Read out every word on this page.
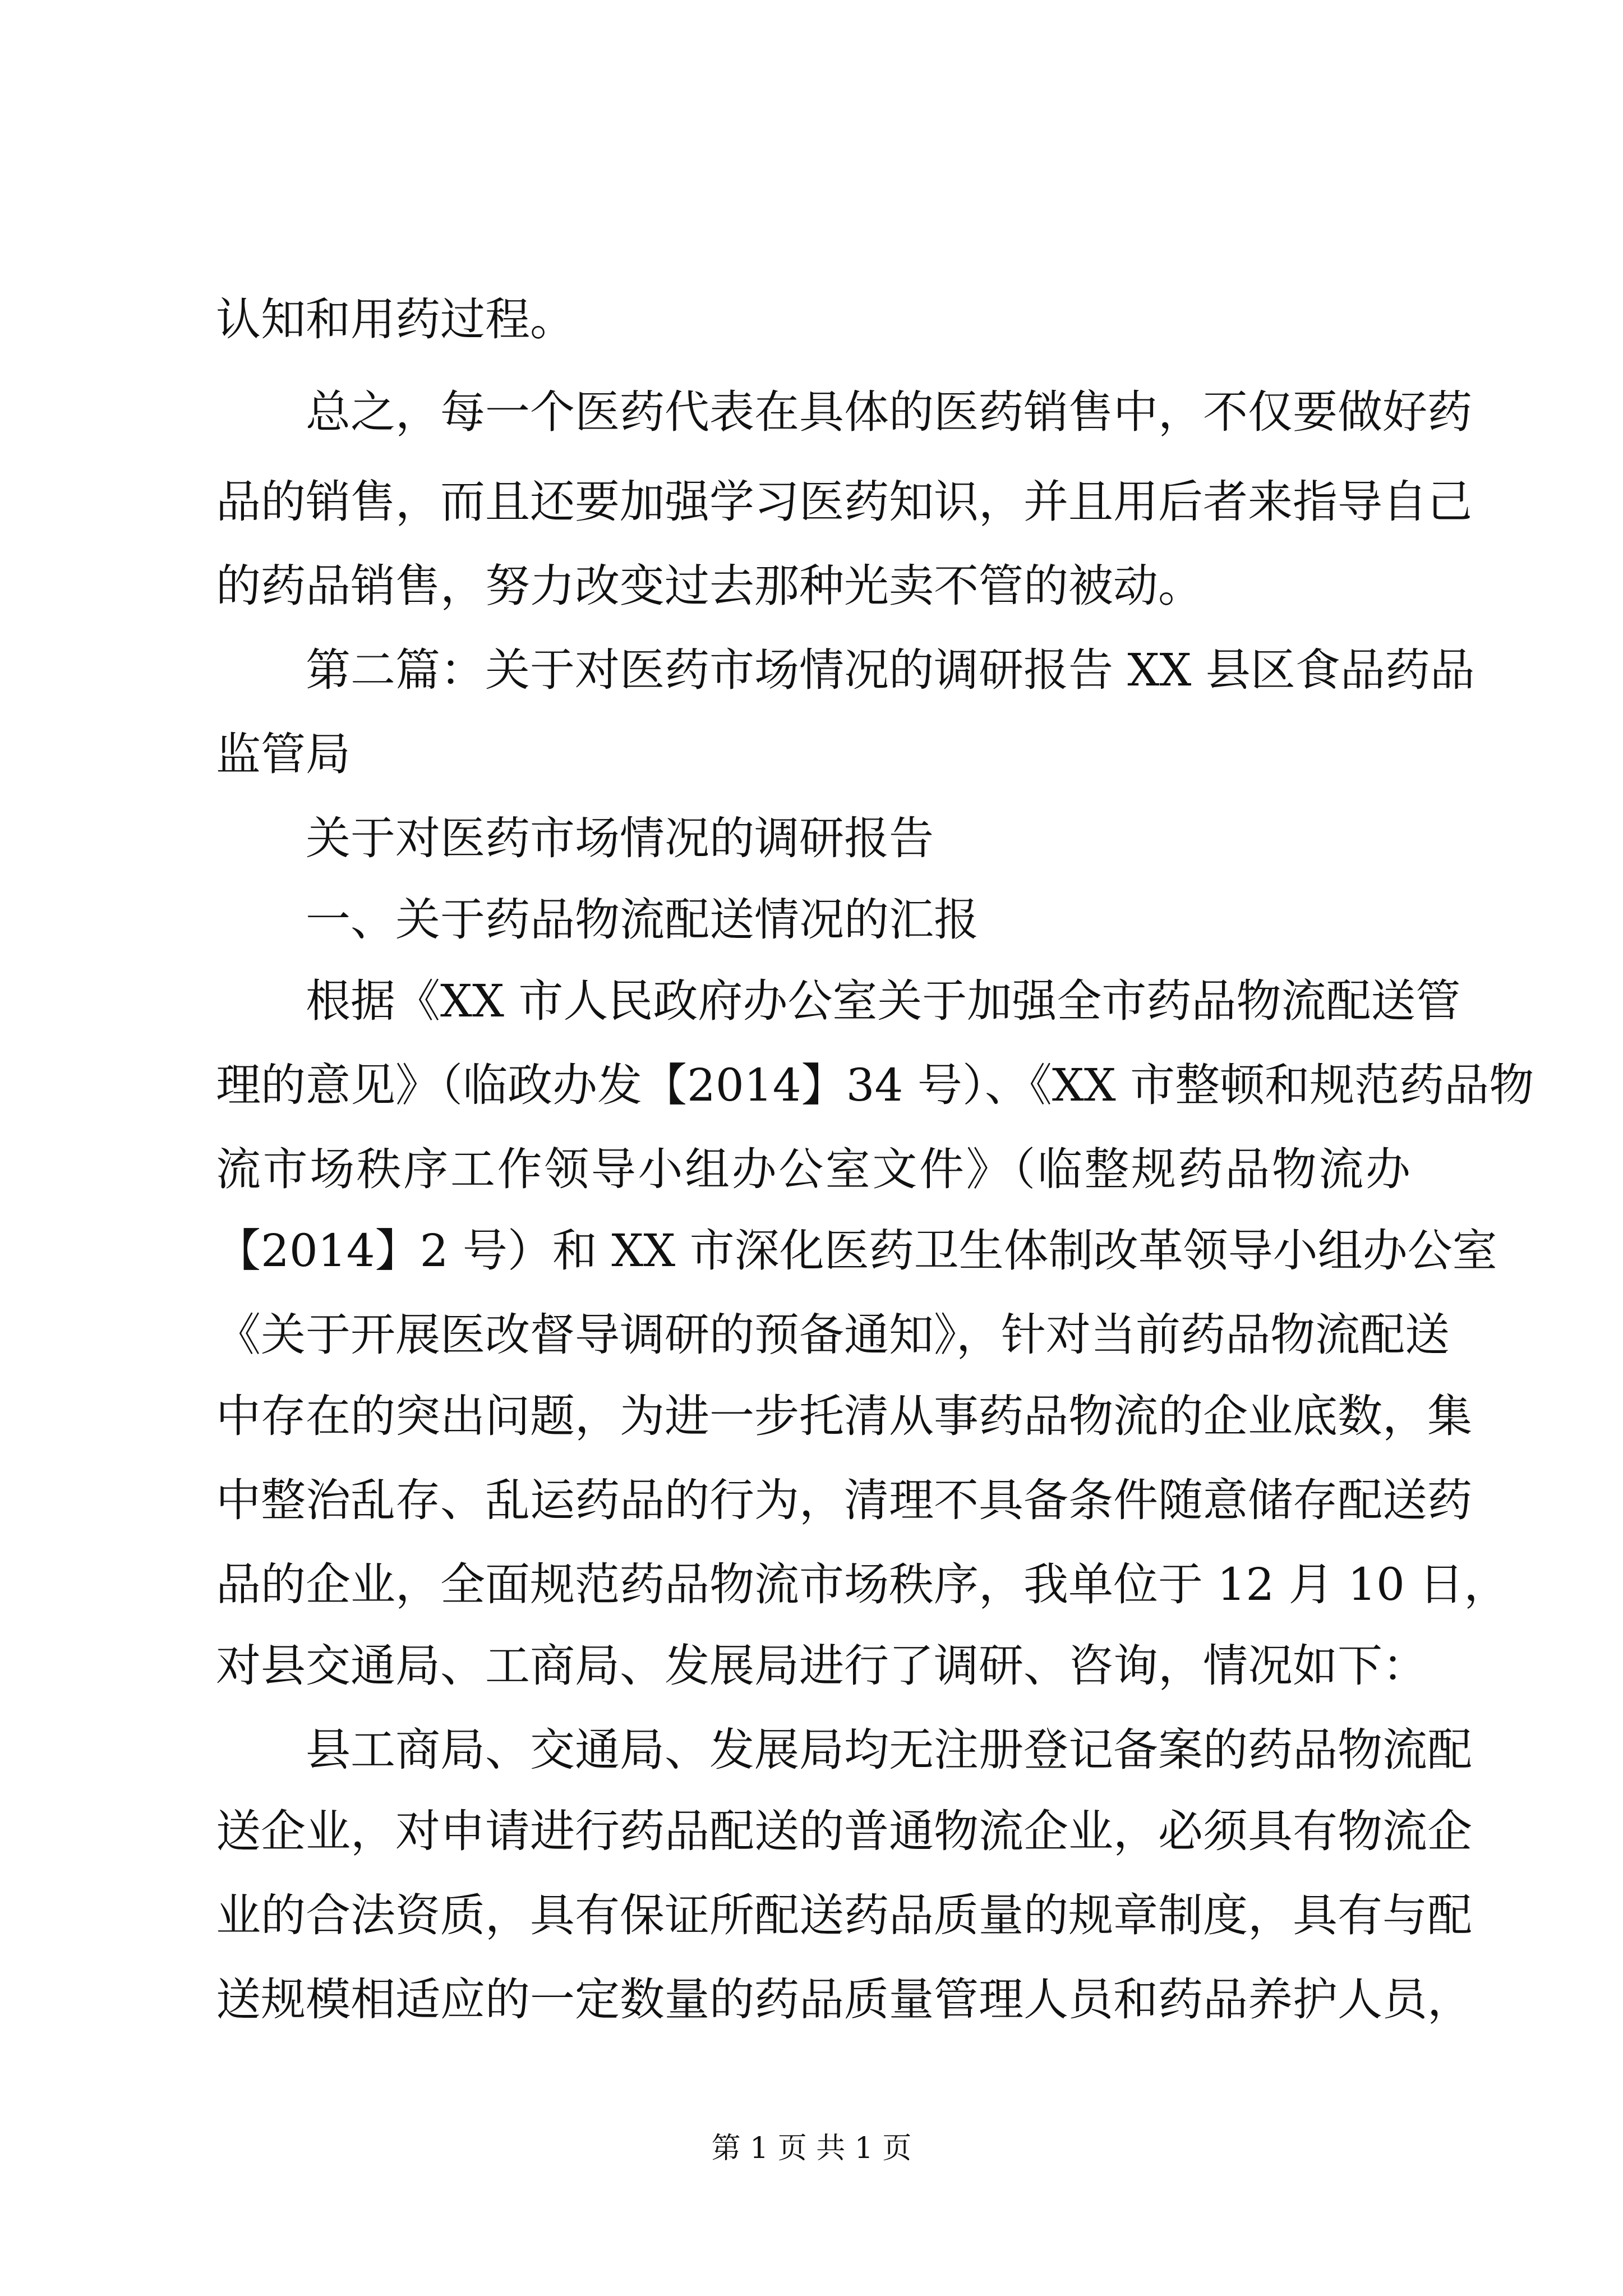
认知和用药过程。
总之，每一个医药代表在具体的医药销售中，不仅要做好药
品的销售，而且还要加强学习医药知识，并且用后者来指导自己
的药品销售，努力改变过去那种光卖不管的被动。
第二篇：关于对医药市场情况的调研报告 XX 县区食品药品
监管局
关于对医药市场情况的调研报告
一、关于药品物流配送情况的汇报
根据《XX 市人民政府办公室关于加强全市药品物流配送管
理的意见》（临政办发【2014】34 号）、《XX 市整顿和规范药品物
流市场秩序工作领导小组办公室文件》（临整规药品物流办
【2014】2 号）和 XX 市深化医药卫生体制改革领导小组办公室
《关于开展医改督导调研的预备通知》，针对当前药品物流配送
中存在的突出问题，为进一步托清从事药品物流的企业底数，集
中整治乱存、乱运药品的行为，清理不具备条件随意储存配送药
品的企业，全面规范药品物流市场秩序，我单位于 12 月 10 日，
对县交通局、工商局、发展局进行了调研、咨询，情况如下：
县工商局、交通局、发展局均无注册登记备案的药品物流配
送企业，对申请进行药品配送的普通物流企业，必须具有物流企
业的合法资质，具有保证所配送药品质量的规章制度，具有与配
送规模相适应的一定数量的药品质量管理人员和药品养护人员，
第 1 页 共 1 页
